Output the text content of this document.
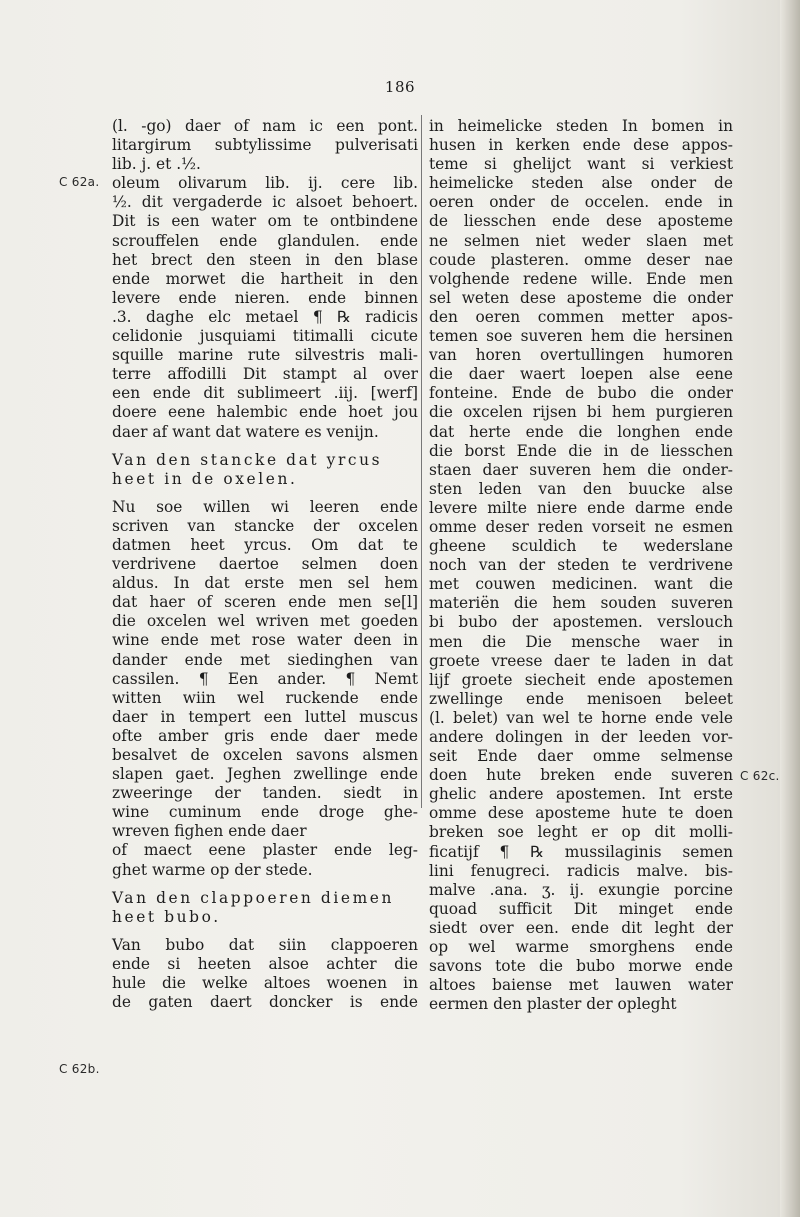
186
(l. -go) daer of nam ic een pont.
litargirum subtylissime pulverisati
lib. j. et .½.
oleum olivarum lib. ij. cere lib.
½. dit vergaderde ic alsoet behoert.
Dit is een water om te ontbindene
scrouffelen ende glandulen. ende
het brect den steen in den blase
ende morwet die hartheit in den
levere ende nieren. ende binnen
.3. daghe elc metael ¶ ℞ radicis
celidonie jusquiami titimalli cicute
squille marine rute silvestris mali-
terre affodilli Dit stampt al over
een ende dit sublimeert .iij. [werf]
doere eene halembic ende hoet jou
daer af want dat watere es venijn.
Van den stancke dat yrcus
heet in de oxelen.
Nu soe willen wi leeren ende
scriven van stancke der oxcelen
datmen heet yrcus. Om dat te
verdrivene daertoe selmen doen
aldus. In dat erste men sel hem
dat haer of sceren ende men se[l]
die oxcelen wel wriven met goeden
wine ende met rose water deen in
dander ende met siedinghen van
cassilen. ¶ Een ander. ¶ Nemt
witten wiin wel ruckende ende
daer in tempert een luttel muscus
ofte amber gris ende daer mede
besalvet de oxcelen savons alsmen
slapen gaet. Jeghen zwellinge ende
zweeringe der tanden. siedt in
wine cuminum ende droge ghe-
wreven fighen ende daer
of maect eene plaster ende leg-
ghet warme op der stede.
Van den clappoeren diemen
heet bubo.
Van bubo dat siin clappoeren
ende si heeten alsoe achter die
hule die welke altoes woenen in
de gaten daert doncker is ende
in heimelicke steden In bomen in
husen in kerken ende dese appos-
teme si ghelijct want si verkiest
heimelicke steden alse onder de
oeren onder de occelen. ende in
de liesschen ende dese aposteme
ne selmen niet weder slaen met
coude plasteren. omme deser nae
volghende redene wille. Ende men
sel weten dese aposteme die onder
den oeren commen metter apos-
temen soe suveren hem die hersinen
van horen overtullingen humoren
die daer waert loepen alse eene
fonteine. Ende de bubo die onder
die oxcelen rijsen bi hem purgieren
dat herte ende die longhen ende
die borst Ende die in de liesschen
staen daer suveren hem die onder-
sten leden van den buucke alse
levere milte niere ende darme ende
omme deser reden vorseit ne esmen
gheene sculdich te wederslane
noch van der steden te verdrivene
met couwen medicinen. want die
materiën die hem souden suveren
bi bubo der apostemen. verslouch
men die Die mensche waer in
groete vreese daer te laden in dat
lijf groete siecheit ende apostemen
zwellinge ende menisoen beleet
(l. belet) van wel te horne ende vele
andere dolingen in der leeden vor-
seit Ende daer omme selmense
doen hute breken ende suveren
ghelic andere apostemen. Int erste
omme dese aposteme hute te doen
breken soe leght er op dit molli-
ficatijf ¶ ℞ mussilaginis semen
lini fenugreci. radicis malve. bis-
malve .ana. ʒ. ij. exungie porcine
quoad sufficit Dit minget ende
siedt over een. ende dit leght der
op wel warme smorghens ende
savons tote die bubo morwe ende
altoes baiense met lauwen water
eermen den plaster der opleght
C 62a.
C 62b.
C 62c.
